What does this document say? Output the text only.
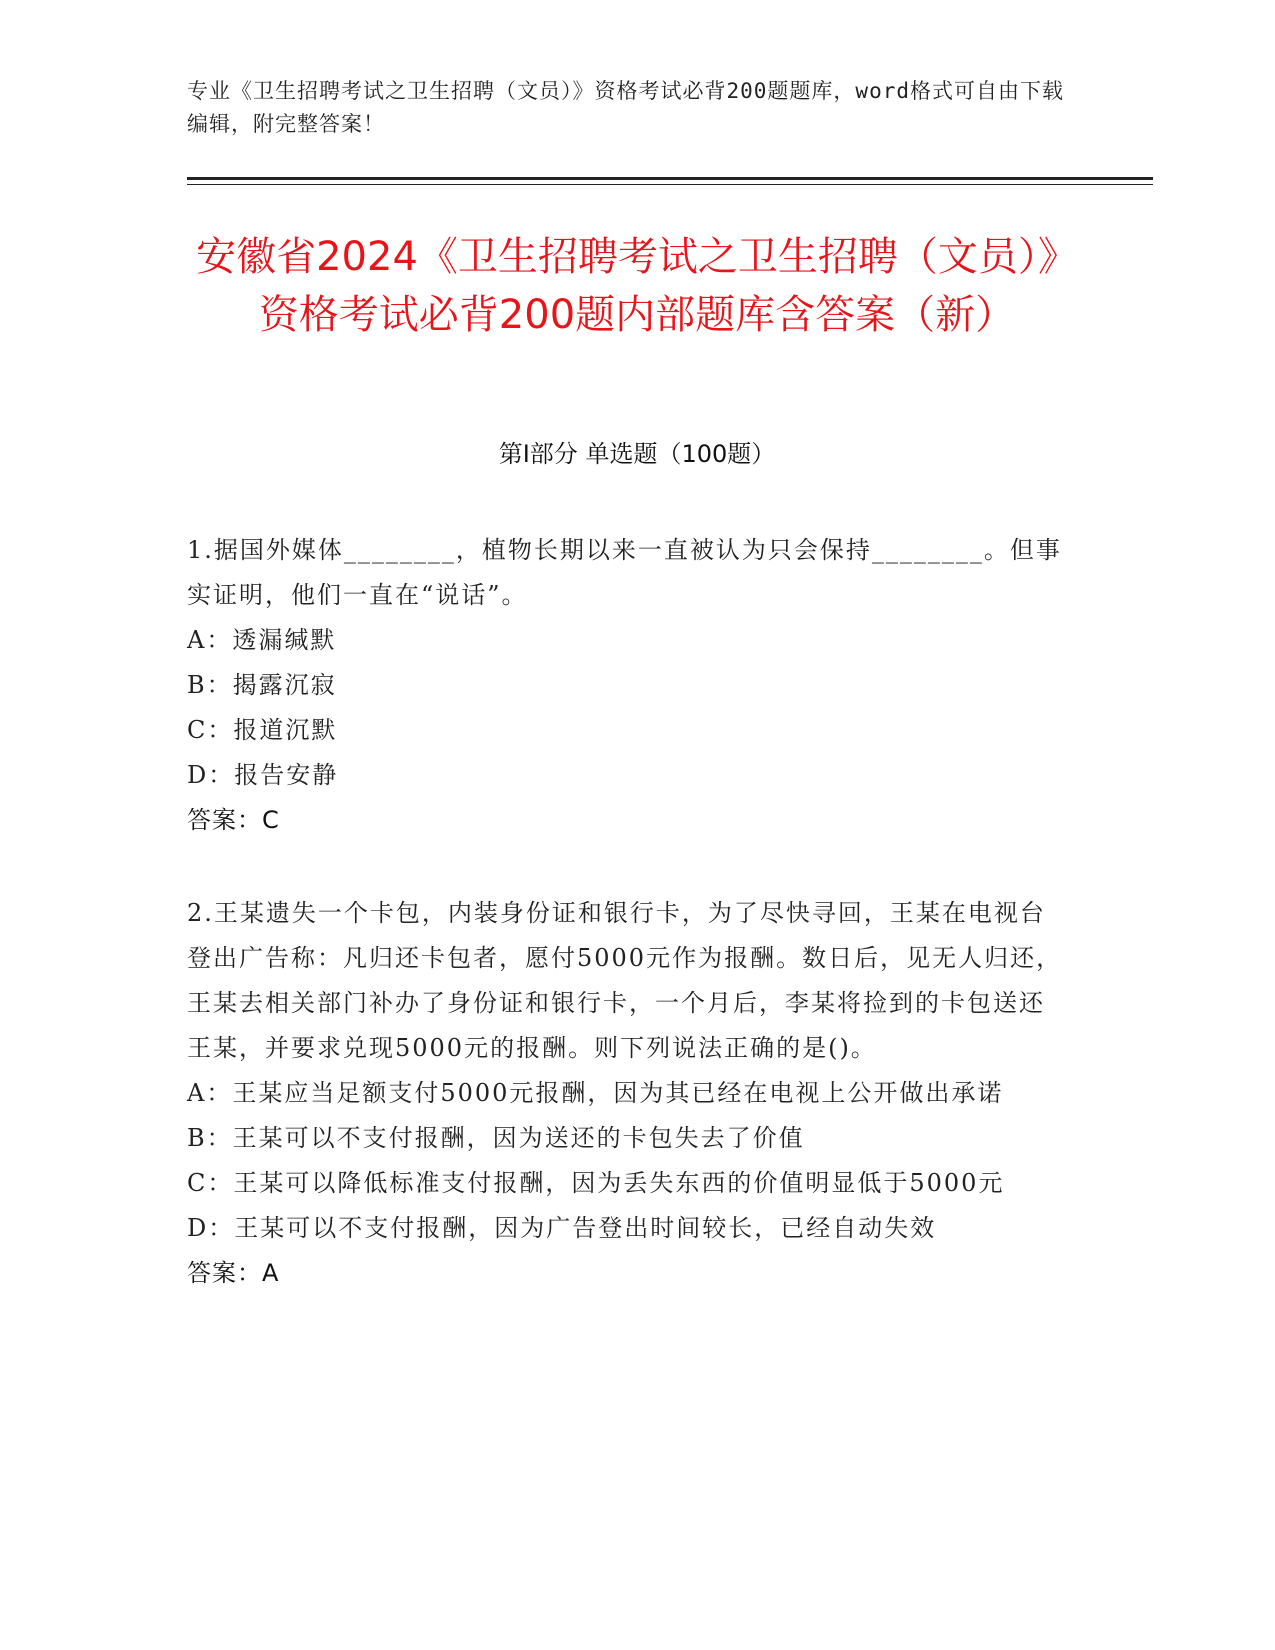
专业《卫生招聘考试之卫生招聘（文员）》资格考试必背200题题库，word格式可自由下载编辑，附完整答案！
安徽省2024《卫生招聘考试之卫生招聘（文员）》资格考试必背200题内部题库含答案（新）
第Ⅰ部分 单选题（100题）
1.据国外媒体________，植物长期以来一直被认为只会保持________。但事实证明，他们一直在“说话”。
A：透漏缄默
B：揭露沉寂
C：报道沉默
D：报告安静
答案：C
2.王某遗失一个卡包，内装身份证和银行卡，为了尽快寻回，王某在电视台登出广告称：凡归还卡包者，愿付5000元作为报酬。数日后，见无人归还，王某去相关部门补办了身份证和银行卡，一个月后，李某将捡到的卡包送还王某，并要求兑现5000元的报酬。则下列说法正确的是()。
A：王某应当足额支付5000元报酬，因为其已经在电视上公开做出承诺
B：王某可以不支付报酬，因为送还的卡包失去了价值
C：王某可以降低标准支付报酬，因为丢失东西的价值明显低于5000元
D：王某可以不支付报酬，因为广告登出时间较长，已经自动失效
答案：A
